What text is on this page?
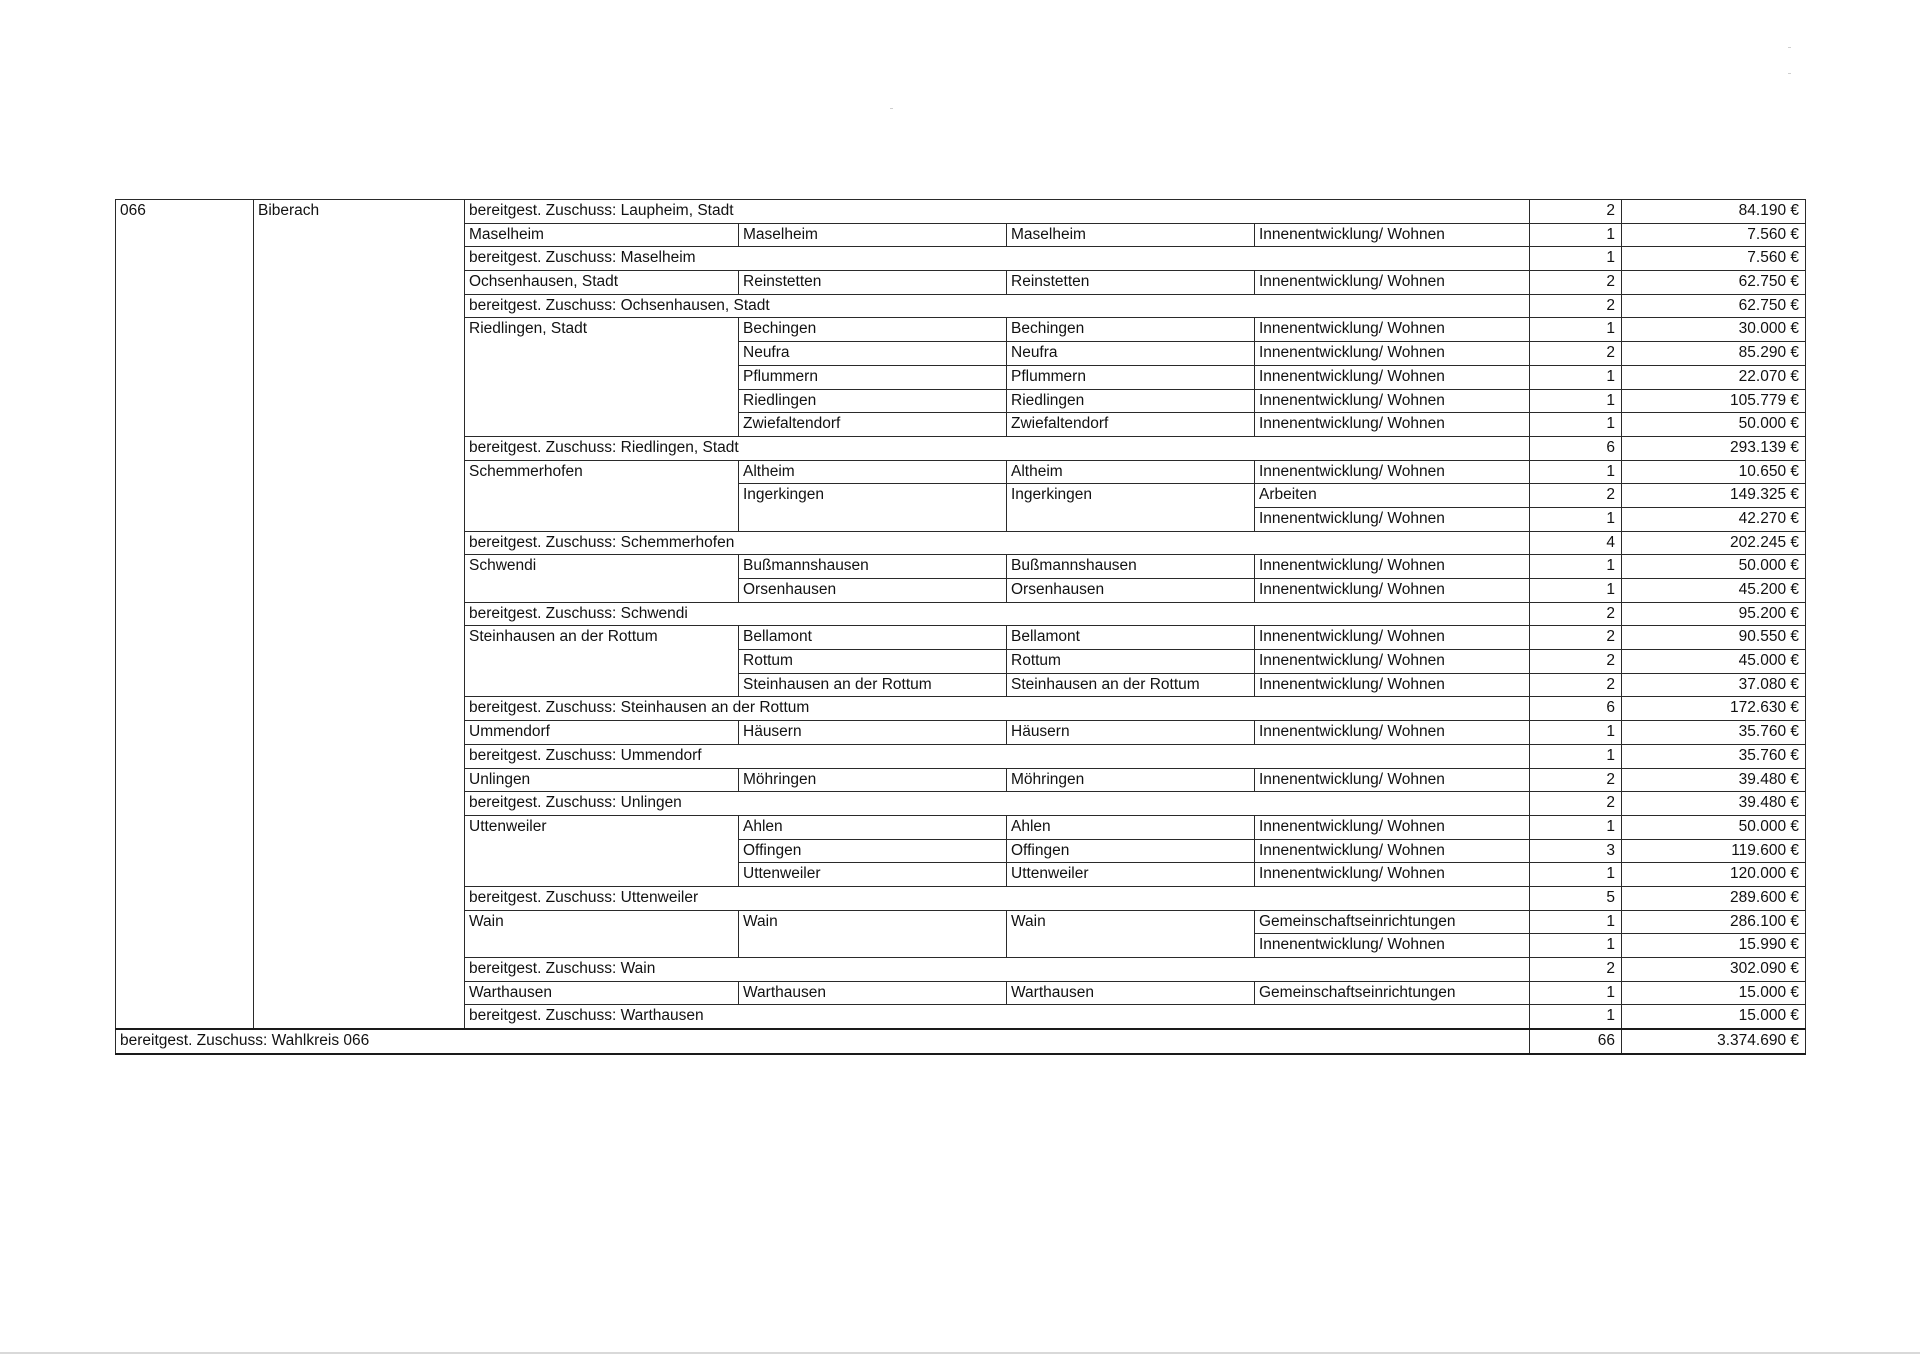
066	Biberach	bereitgest. Zuschuss: Laupheim, Stadt				2	84.190 €
		Maselheim	Maselheim	Maselheim	Innenentwicklung/ Wohnen	1	7.560 €
		bereitgest. Zuschuss: Maselheim				1	7.560 €
		Ochsenhausen, Stadt	Reinstetten	Reinstetten	Innenentwicklung/ Wohnen	2	62.750 €
		bereitgest. Zuschuss: Ochsenhausen, Stadt				2	62.750 €
		Riedlingen, Stadt	Bechingen	Bechingen	Innenentwicklung/ Wohnen	1	30.000 €
			Neufra	Neufra	Innenentwicklung/ Wohnen	2	85.290 €
			Pflummern	Pflummern	Innenentwicklung/ Wohnen	1	22.070 €
			Riedlingen	Riedlingen	Innenentwicklung/ Wohnen	1	105.779 €
			Zwiefaltendorf	Zwiefaltendorf	Innenentwicklung/ Wohnen	1	50.000 €
		bereitgest. Zuschuss: Riedlingen, Stadt				6	293.139 €
		Schemmerhofen	Altheim	Altheim	Innenentwicklung/ Wohnen	1	10.650 €
			Ingerkingen	Ingerkingen	Arbeiten	2	149.325 €
					Innenentwicklung/ Wohnen	1	42.270 €
		bereitgest. Zuschuss: Schemmerhofen				4	202.245 €
		Schwendi	Bußmannshausen	Bußmannshausen	Innenentwicklung/ Wohnen	1	50.000 €
			Orsenhausen	Orsenhausen	Innenentwicklung/ Wohnen	1	45.200 €
		bereitgest. Zuschuss: Schwendi				2	95.200 €
		Steinhausen an der Rottum	Bellamont	Bellamont	Innenentwicklung/ Wohnen	2	90.550 €
			Rottum	Rottum	Innenentwicklung/ Wohnen	2	45.000 €
			Steinhausen an der Rottum	Steinhausen an der Rottum	Innenentwicklung/ Wohnen	2	37.080 €
		bereitgest. Zuschuss: Steinhausen an der Rottum				6	172.630 €
		Ummendorf	Häusern	Häusern	Innenentwicklung/ Wohnen	1	35.760 €
		bereitgest. Zuschuss: Ummendorf				1	35.760 €
		Unlingen	Möhringen	Möhringen	Innenentwicklung/ Wohnen	2	39.480 €
		bereitgest. Zuschuss: Unlingen				2	39.480 €
		Uttenweiler	Ahlen	Ahlen	Innenentwicklung/ Wohnen	1	50.000 €
			Offingen	Offingen	Innenentwicklung/ Wohnen	3	119.600 €
			Uttenweiler	Uttenweiler	Innenentwicklung/ Wohnen	1	120.000 €
		bereitgest. Zuschuss: Uttenweiler				5	289.600 €
		Wain	Wain	Wain	Gemeinschaftseinrichtungen	1	286.100 €
					Innenentwicklung/ Wohnen	1	15.990 €
		bereitgest. Zuschuss: Wain				2	302.090 €
		Warthausen	Warthausen	Warthausen	Gemeinschaftseinrichtungen	1	15.000 €
		bereitgest. Zuschuss: Warthausen				1	15.000 €
bereitgest. Zuschuss: Wahlkreis 066						66	3.374.690 €
